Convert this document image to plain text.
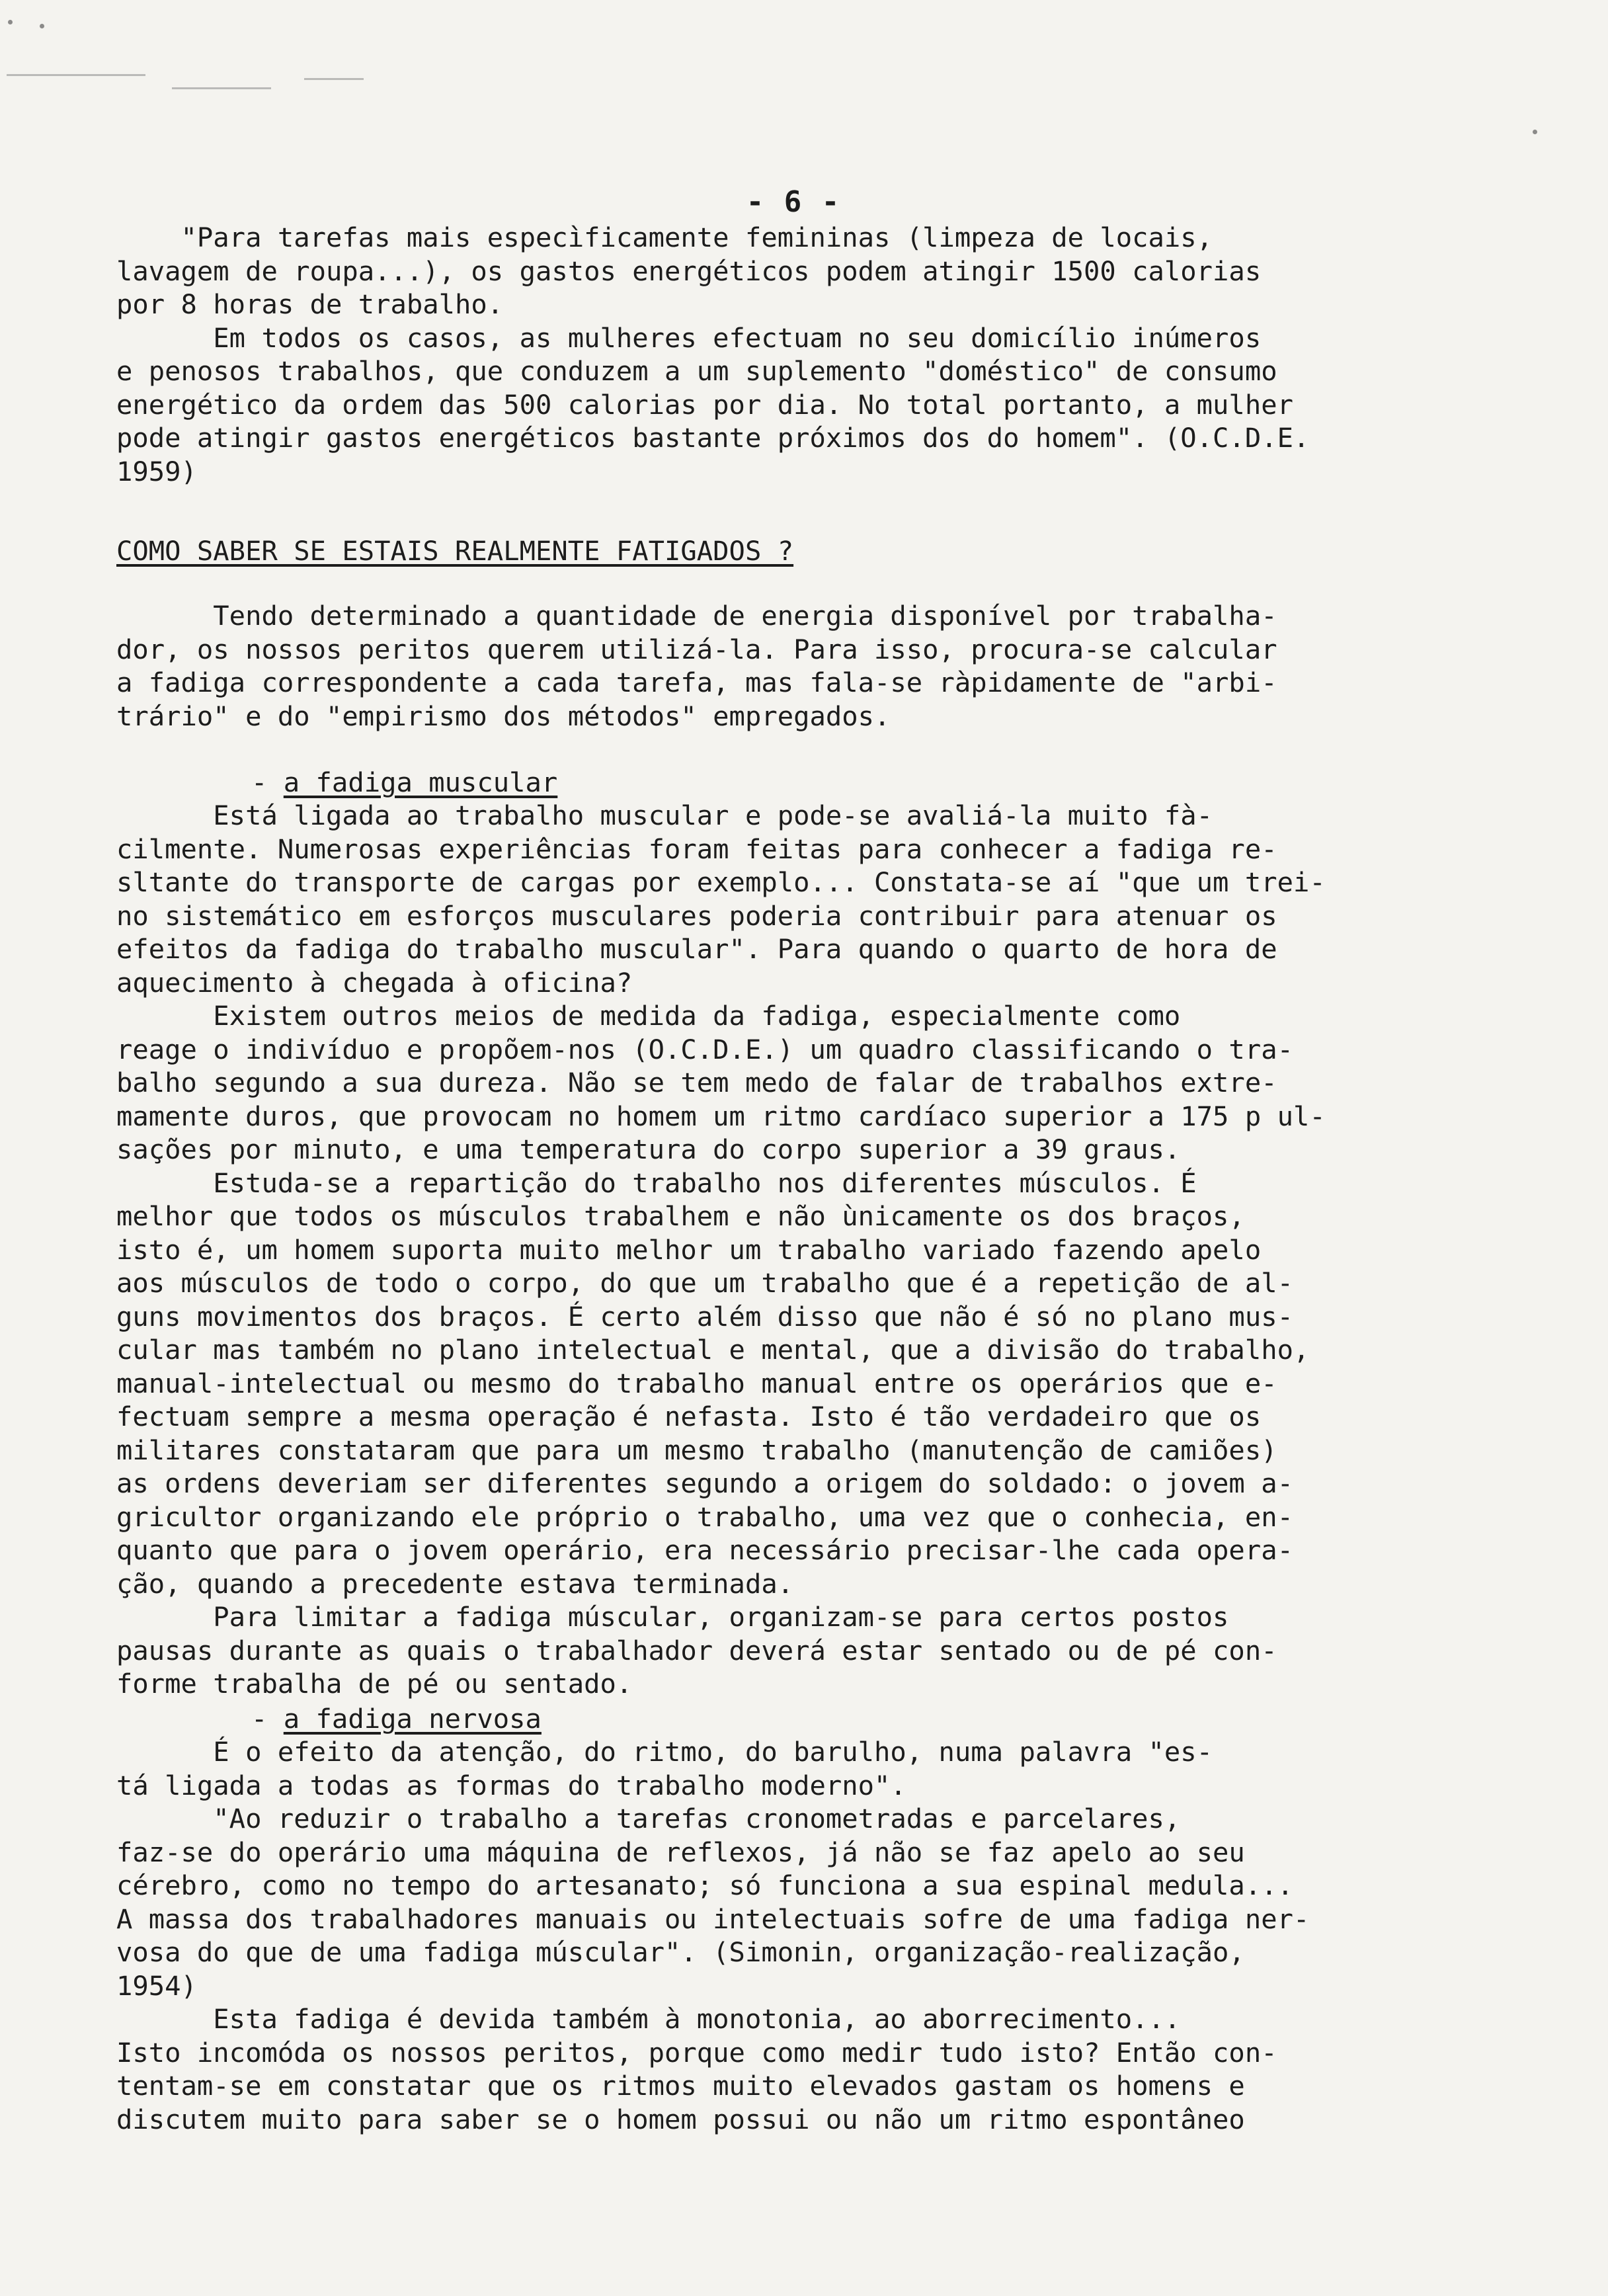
- 6 -
"Para tarefas mais especìficamente femininas (limpeza de locais,
lavagem de roupa...), os gastos energéticos podem atingir 1500 calorias
por 8 horas de trabalho.
Em todos os casos, as mulheres efectuam no seu domicílio inúmeros
e penosos trabalhos, que conduzem a um suplemento "doméstico" de consumo
energético da ordem das 500 calorias por dia. No total portanto, a mulher
pode atingir gastos energéticos bastante próximos dos do homem". (O.C.D.E.
1959)
COMO SABER SE ESTAIS REALMENTE FATIGADOS ?
Tendo determinado a quantidade de energia disponível por trabalha-
dor, os nossos peritos querem utilizá-la. Para isso, procura-se calcular
a fadiga correspondente a cada tarefa, mas fala-se ràpidamente de "arbi-
trário" e do "empirismo dos métodos" empregados.
- a fadiga muscular
Está ligada ao trabalho muscular e pode-se avaliá-la muito fà-
cilmente. Numerosas experiências foram feitas para conhecer a fadiga re-
sltante do transporte de cargas por exemplo... Constata-se aí "que um trei-
no sistemático em esforços musculares poderia contribuir para atenuar os
efeitos da fadiga do trabalho muscular". Para quando o quarto de hora de
aquecimento à chegada à oficina?
Existem outros meios de medida da fadiga, especialmente como
reage o indivíduo e propõem-nos (O.C.D.E.) um quadro classificando o tra-
balho segundo a sua dureza. Não se tem medo de falar de trabalhos extre-
mamente duros, que provocam no homem um ritmo cardíaco superior a 175 p ul-
sações por minuto, e uma temperatura do corpo superior a 39 graus.
Estuda-se a repartição do trabalho nos diferentes músculos. É
melhor que todos os músculos trabalhem e não ùnicamente os dos braços,
isto é, um homem suporta muito melhor um trabalho variado fazendo apelo
aos músculos de todo o corpo, do que um trabalho que é a repetição de al-
guns movimentos dos braços. É certo além disso que não é só no plano mus-
cular mas também no plano intelectual e mental, que a divisão do trabalho,
manual-intelectual ou mesmo do trabalho manual entre os operários que e-
fectuam sempre a mesma operação é nefasta. Isto é tão verdadeiro que os
militares constataram que para um mesmo trabalho (manutenção de camiões)
as ordens deveriam ser diferentes segundo a origem do soldado: o jovem a-
gricultor organizando ele próprio o trabalho, uma vez que o conhecia, en-
quanto que para o jovem operário, era necessário precisar-lhe cada opera-
ção, quando a precedente estava terminada.
Para limitar a fadiga múscular, organizam-se para certos postos
pausas durante as quais o trabalhador deverá estar sentado ou de pé con-
forme trabalha de pé ou sentado.
- a fadiga nervosa
É o efeito da atenção, do ritmo, do barulho, numa palavra "es-
tá ligada a todas as formas do trabalho moderno".
"Ao reduzir o trabalho a tarefas cronometradas e parcelares,
faz-se do operário uma máquina de reflexos, já não se faz apelo ao seu
cérebro, como no tempo do artesanato; só funciona a sua espinal medula...
A massa dos trabalhadores manuais ou intelectuais sofre de uma fadiga ner-
vosa do que de uma fadiga múscular". (Simonin, organização-realização,
1954)
Esta fadiga é devida também à monotonia, ao aborrecimento...
Isto incomóda os nossos peritos, porque como medir tudo isto? Então con-
tentam-se em constatar que os ritmos muito elevados gastam os homens e
discutem muito para saber se o homem possui ou não um ritmo espontâneo
